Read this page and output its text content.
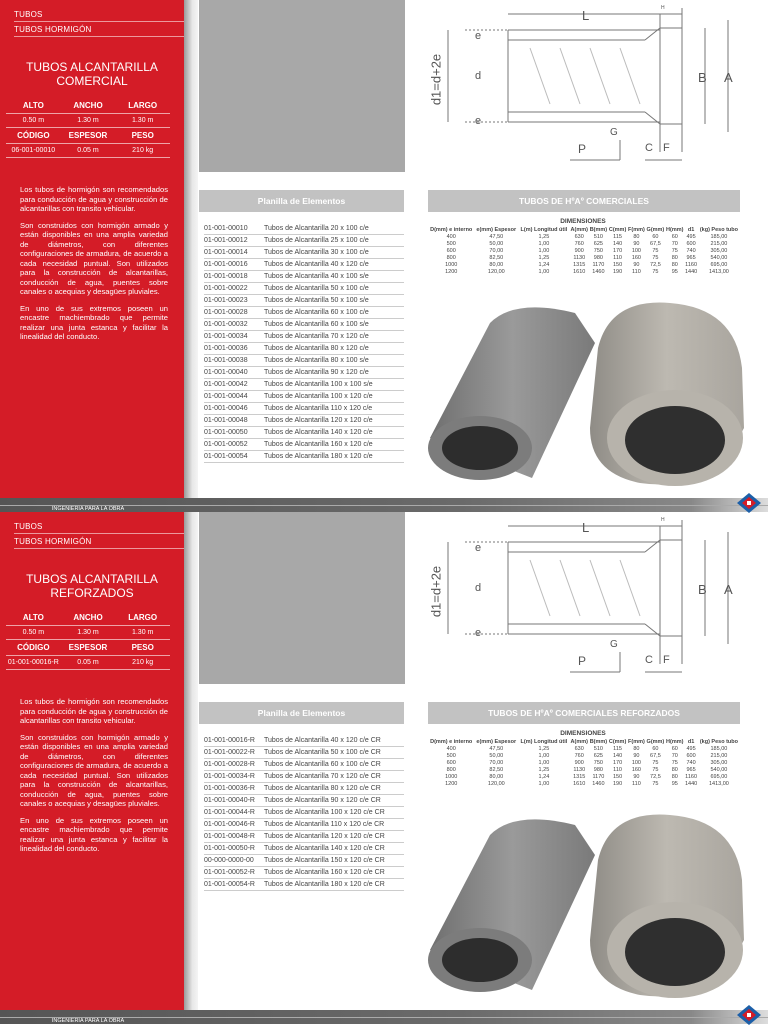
TUBOS
TUBOS HORMIGÓN
TUBOS ALCANTARILLA COMERCIAL
ALTO	ANCHO	LARGO
0.50 m	1.30 m	1.30 m
CÓDIGO	ESPESOR	PESO
06-001-00010	0.05 m	210 kg

Los tubos de hormigón son recomendados para conducción de agua y construcción de alcantarillas con transito vehicular.

Son construidos con hormigón armado y están disponibles en una amplia variedad de diámetros, con diferentes configuraciones de armadura, de acuerdo a cada necesidad puntual. Son utilizados para la construcción de alcantarillas, conducción de agua, puentes sobre canales o acequias y desagües pluviales.

En uno de sus extremos poseen un encastre machiembrado que permite realizar una junta estanca y facilitar la linealidad del conducto.

L	H
e
d
e
d1=d+2e	B A
G
P	C F
Planilla de Elementos	TUBOS DE HºAº COMERCIALES
01-001-00010	Tubos de Alcantarilla 20 x 100 c/e
01-001-00012	Tubos de Alcantarilla 25 x 100 c/e
01-001-00014	Tubos de Alcantarilla 30 x 100 c/e
01-001-00016	Tubos de Alcantarilla 40 x 120 c/e
01-001-00018	Tubos de Alcantarilla 40 x 100 s/e
01-001-00022	Tubos de Alcantarilla 50 x 100 c/e
01-001-00023	Tubos de Alcantarilla 50 x 100 s/e
01-001-00028	Tubos de Alcantarilla 60 x 100 c/e
01-001-00032	Tubos de Alcantarilla 60 x 100 s/e
01-001-00034	Tubos de Alcantarilla 70 x 120 c/e
01-001-00036	Tubos de Alcantarilla 80 x 120 c/e
01-001-00038	Tubos de Alcantarilla 80 x 100 s/e
01-001-00040	Tubos de Alcantarilla 90 x 120 c/e
01-001-00042	Tubos de Alcantarilla 100 x 100 s/e
01-001-00044	Tubos de Alcantarilla 100 x 120 c/e
01-001-00046	Tubos de Alcantarilla 110 x 120 c/e
01-001-00048	Tubos de Alcantarilla 120 x 120 c/e
01-001-00050	Tubos de Alcantarilla 140 x 120 c/e
01-001-00052	Tubos de Alcantarilla 160 x 120 c/e
01-001-00054	Tubos de Alcantarilla 180 x 120 c/e
DIMENSIONES
D(mm) e interno	e(mm) Espesor	L(m) Longitud útil	A(mm)	B(mm)	C(mm)	F(mm)	G(mm)	H(mm)	d1	(kg) Peso tubo
400	47,50	1,25	630	510	115	80	60	60	495	185,00
500	50,00	1,00	760	625	140	90	67,5	70	600	215,00
600	70,00	1,00	900	750	170	100	75	75	740	305,00
800	82,50	1,25	1130	980	110	160	75	80	965	540,00
1000	80,00	1,24	1315	1170	150	90	72,5	80	1160	695,00
1200	120,00	1,00	1610	1460	190	110	75	95	1440	1413,00
INGENIERIA PARA LA OBRA
TUBOS
TUBOS HORMIGÓN
TUBOS ALCANTARILLA REFORZADOS
ALTO	ANCHO	LARGO
0.50 m	1.30 m	1.30 m
CÓDIGO	ESPESOR	PESO
01-001-00016-R	0.05 m	210 kg

Los tubos de hormigón son recomendados para conducción de agua y construcción de alcantarillas con transito vehicular.

Son construidos con hormigón armado y están disponibles en una amplia variedad de diámetros, con diferentes configuraciones de armadura, de acuerdo a cada necesidad puntual. Son utilizados para la construcción de alcantarillas, conducción de agua, puentes sobre canales o acequias y desagües pluviales.

En uno de sus extremos poseen un encastre machiembrado que permite realizar una junta estanca y facilitar la linealidad del conducto.

L	H
e
d
e
d1=d+2e	B A
G
P	C F
Planilla de Elementos	TUBOS DE HºAº COMERCIALES REFORZADOS
01-001-00016-R	Tubos de Alcantarilla 40 x 120 c/e CR
01-001-00022-R	Tubos de Alcantarilla 50 x 100 c/e CR
01-001-00028-R	Tubos de Alcantarilla 60 x 100 c/e CR
01-001-00034-R	Tubos de Alcantarilla 70 x 120 c/e CR
01-001-00036-R	Tubos de Alcantarilla 80 x 120 c/e CR
01-001-00040-R	Tubos de Alcantarilla 90 x 120 c/e CR
01-001-00044-R	Tubos de Alcantarilla 100 x 120 c/e CR
01-001-00046-R	Tubos de Alcantarilla 110 x 120 c/e CR
01-001-00048-R	Tubos de Alcantarilla 120 x 120 c/e CR
01-001-00050-R	Tubos de Alcantarilla 140 x 120 c/e CR
00-000-0000-00	Tubos de Alcantarilla 150 x 120 c/e CR
01-001-00052-R	Tubos de Alcantarilla 160 x 120 c/e CR
01-001-00054-R	Tubos de Alcantarilla 180 x 120 c/e CR
DIMENSIONES
D(mm) e interno	e(mm) Espesor	L(m) Longitud útil	A(mm)	B(mm)	C(mm)	F(mm)	G(mm)	H(mm)	d1	(kg) Peso tubo
400	47,50	1,25	630	510	115	80	60	60	495	185,00
500	50,00	1,00	760	625	140	90	67,5	70	600	215,00
600	70,00	1,00	900	750	170	100	75	75	740	305,00
800	82,50	1,25	1130	980	110	160	75	80	965	540,00
1000	80,00	1,24	1315	1170	150	90	72,5	80	1160	695,00
1200	120,00	1,00	1610	1460	190	110	75	95	1440	1413,00
INGENIERIA PARA LA OBRA
LA INDUSTRIA, EL CAMPO Y LA VIVIENDA
